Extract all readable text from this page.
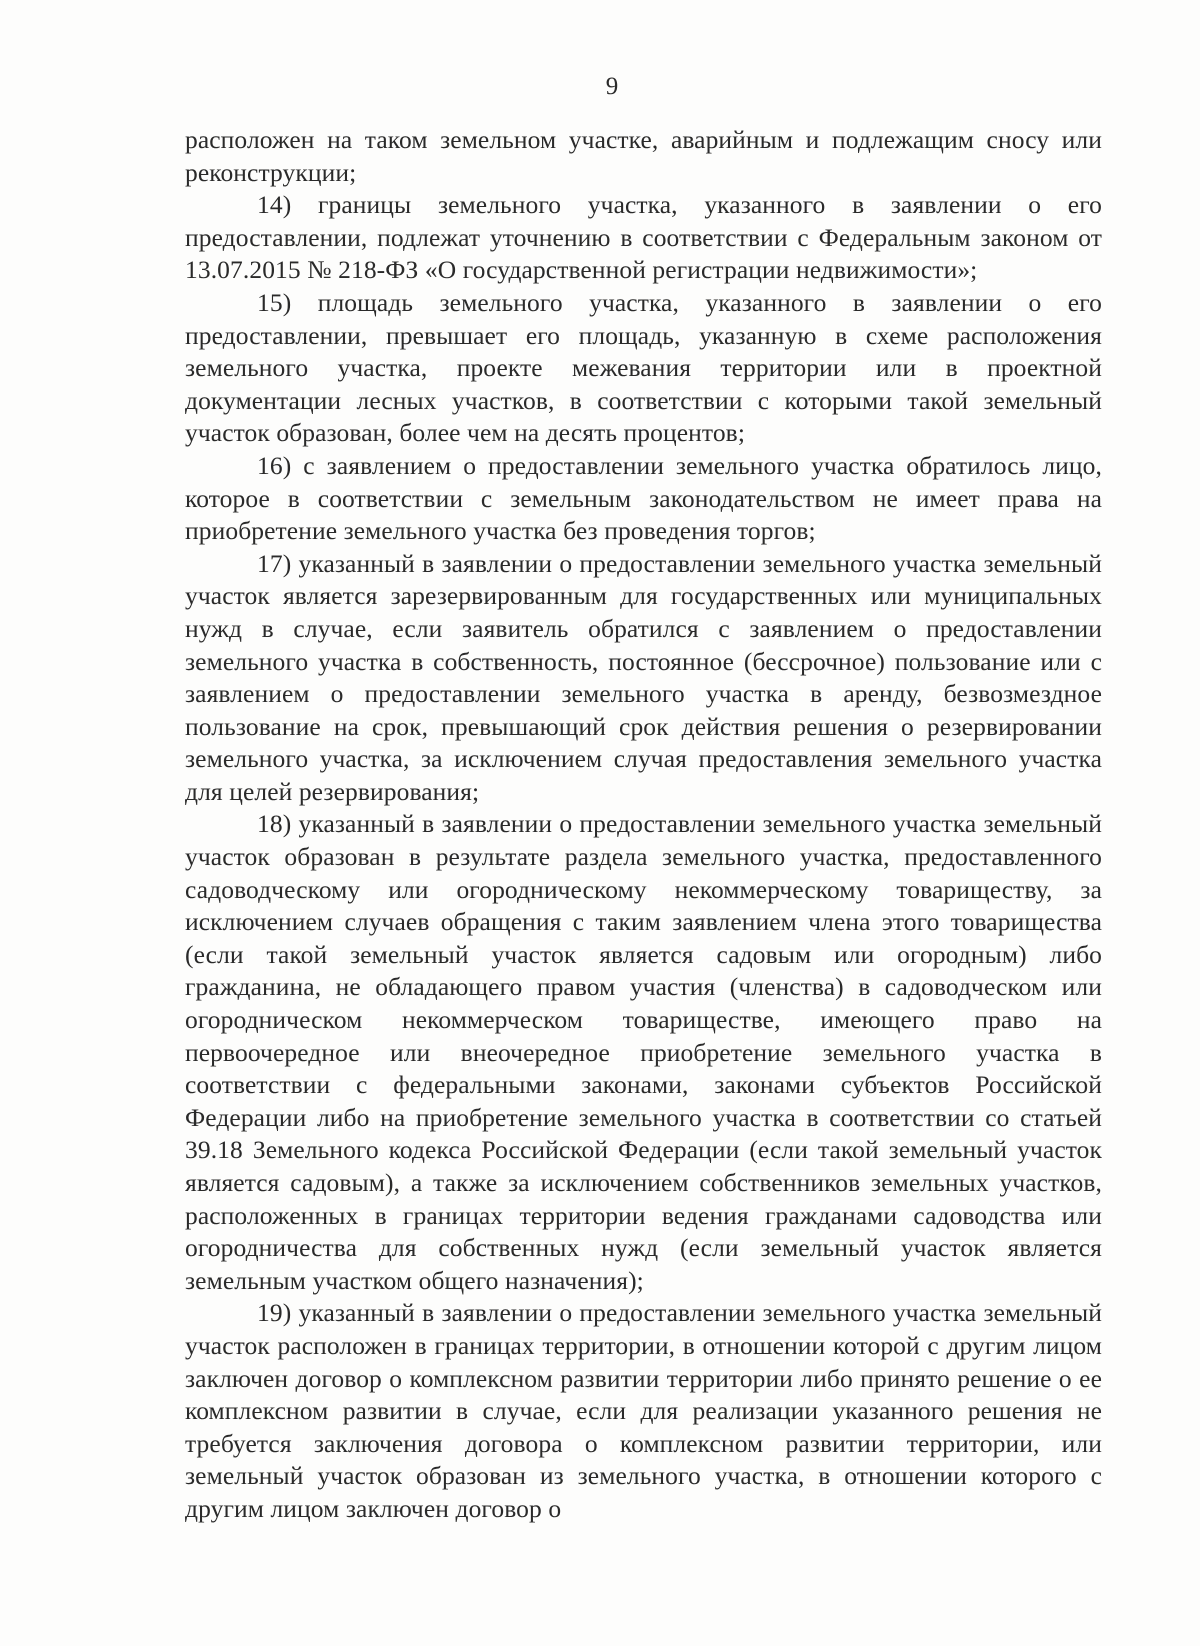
9

расположен на таком земельном участке, аварийным и подлежащим сносу или реконструкции;

14) границы земельного участка, указанного в заявлении о его предоставлении, подлежат уточнению в соответствии с Федеральным законом от 13.07.2015 № 218-ФЗ «О государственной регистрации недвижимости»;

15) площадь земельного участка, указанного в заявлении о его предоставлении, превышает его площадь, указанную в схеме расположения земельного участка, проекте межевания территории или в проектной документации лесных участков, в соответствии с которыми такой земельный участок образован, более чем на десять процентов;

16) с заявлением о предоставлении земельного участка обратилось лицо, которое в соответствии с земельным законодательством не имеет права на приобретение земельного участка без проведения торгов;

17) указанный в заявлении о предоставлении земельного участка земельный участок является зарезервированным для государственных или муниципальных нужд в случае, если заявитель обратился с заявлением о предоставлении земельного участка в собственность, постоянное (бессрочное) пользование или с заявлением о предоставлении земельного участка в аренду, безвозмездное пользование на срок, превышающий срок действия решения о резервировании земельного участка, за исключением случая предоставления земельного участка для целей резервирования;

18) указанный в заявлении о предоставлении земельного участка земельный участок образован в результате раздела земельного участка, предоставленного садоводческому или огородническому некоммерческому товариществу, за исключением случаев обращения с таким заявлением члена этого товарищества (если такой земельный участок является садовым или огородным) либо гражданина, не обладающего правом участия (членства) в садоводческом или огородническом некоммерческом товариществе, имеющего право на первоочередное или внеочередное приобретение земельного участка в соответствии с федеральными законами, законами субъектов Российской Федерации либо на приобретение земельного участка в соответствии со статьей 39.18 Земельного кодекса Российской Федерации (если такой земельный участок является садовым), а также за исключением собственников земельных участков, расположенных в границах территории ведения гражданами садоводства или огородничества для собственных нужд (если земельный участок является земельным участком общего назначения);

19) указанный в заявлении о предоставлении земельного участка земельный участок расположен в границах территории, в отношении которой с другим лицом заключен договор о комплексном развитии территории либо принято решение о ее комплексном развитии в случае, если для реализации указанного решения не требуется заключения договора о комплексном развитии территории, или земельный участок образован из земельного участка, в отношении которого с другим лицом заключен договор о
